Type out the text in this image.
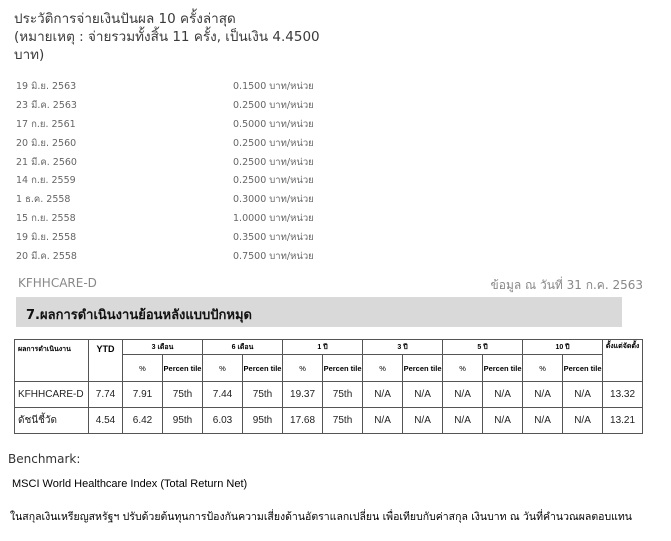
ประวัติการจ่ายเงินปันผล 10 ครั้งล่าสุด
(หมายเหตุ : จ่ายรวมทั้งสิ้น 11 ครั้ง, เป็นเงิน 4.4500
บาท)
19 มิ.ย. 2563	0.1500 บาท/หน่วย
23 มี.ค. 2563	0.2500 บาท/หน่วย
17 ก.ย. 2561	0.5000 บาท/หน่วย
20 มิ.ย. 2560	0.2500 บาท/หน่วย
21 มี.ค. 2560	0.2500 บาท/หน่วย
14 ก.ย. 2559	0.2500 บาท/หน่วย
1 ธ.ค. 2558	0.3000 บาท/หน่วย
15 ก.ย. 2558	1.0000 บาท/หน่วย
19 มิ.ย. 2558	0.3500 บาท/หน่วย
20 มี.ค. 2558	0.7500 บาท/หน่วย
KFHHCARE-D	ข้อมูล ณ วันที่ 31 ก.ค. 2563
7.ผลการดำเนินงานย้อนหลังแบบปักหมุด
ผลการดำเนินงาน	YTD	3 เดือน		6 เดือน		1 ปี		3 ปี		5 ปี		10 ปี		ตั้งแต่จัดตั้ง
		%	Percen tile	%	Percen tile	%	Percen tile	%	Percen tile	%	Percen tile	%	Percen tile	
KFHHCARE-D	7.74	7.91	75th	7.44	75th	19.37	75th	N/A	N/A	N/A	N/A	N/A	N/A	13.32
ดัชนีชี้วัด	4.54	6.42	95th	6.03	95th	17.68	75th	N/A	N/A	N/A	N/A	N/A	N/A	13.21
Benchmark:
MSCI World Healthcare Index (Total Return Net)
ในสกุลเงินเหรียญสหรัฐฯ ปรับด้วยต้นทุนการป้องกันความเสี่ยงด้านอัตราแลกเปลี่ยน เพื่อเทียบกับค่าสกุล เงินบาท ณ วันที่คำนวณผลตอบแทน
